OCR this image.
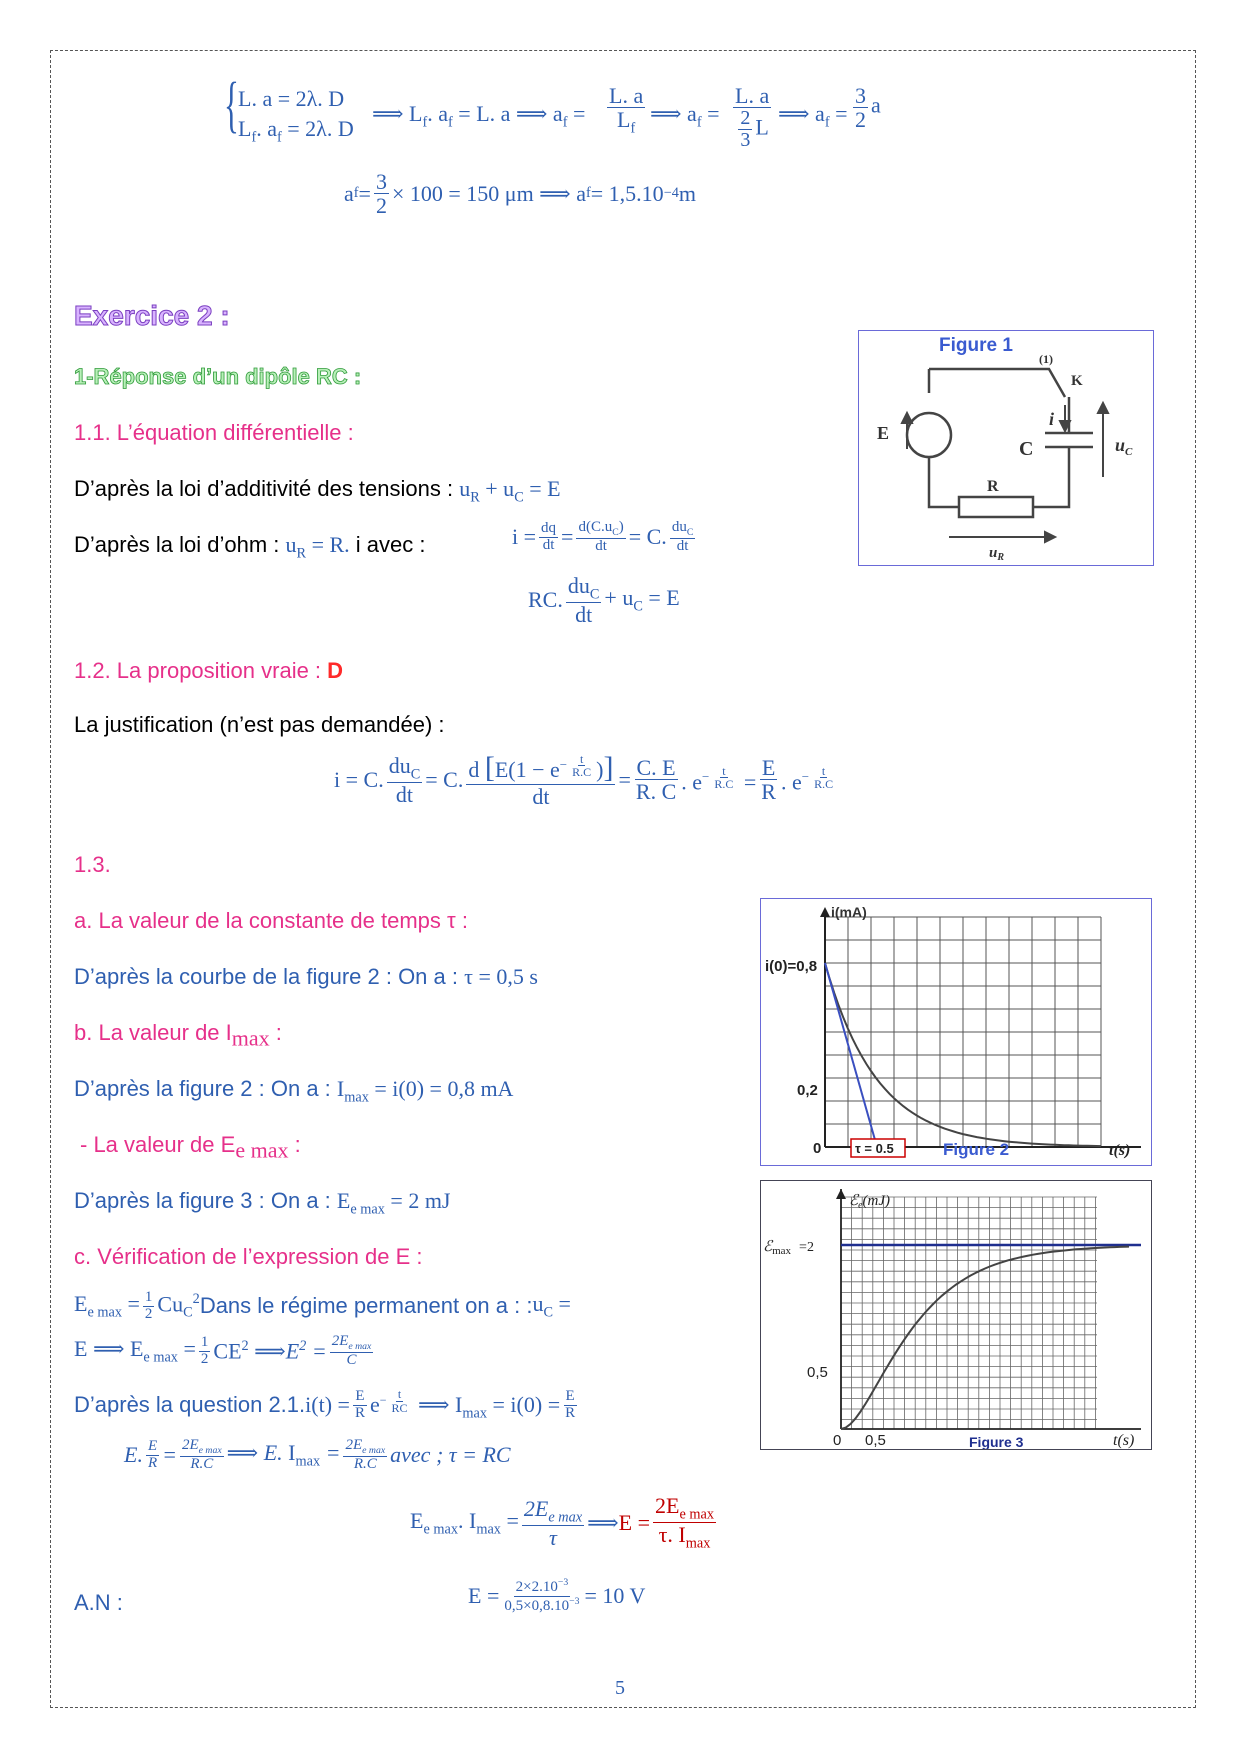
{ L. a = 2λ. D
$L_f$. $a_f = 2\lambda$. D
⟹ $L_f$. $a_f = L$. a ⟹ $a_f = \frac{L. a}{L_f}$ ⟹ $a_f = \frac{L. a}{\frac{2}{3} L}$ ⟹ $a_f = \frac{3}{2}$ a
a $f = \frac{3}{2} \times 100 = 150$ μm ⟹ a f = 1,5.10 −4 m
Exercice 2 :
1-Réponse d’un dipôle RC :
1.1. L’équation différentielle :
D’après la loi d’additivité des tensions : $u_R + u_C = E$
D’après la loi d’ohm : $u_R = R$. i avec :	$i = \frac{dq}{dt} = \frac{d(C.u_C)}{dt} = C$. $\frac{du_C}{dt}$
RC. $\frac{du_C}{dt} + u_C = E$
1.2. La proposition vraie : D
La justification (n’est pas demandée) :
i = C. $\frac{du_C}{dt} = C$. d [$E(1 - e^{- \frac{t}{R.C}}$ )]
dt = $\frac{C. E}{R. C}$ . $e^{- \frac{t}{R.C}} = \frac{E}{R}$ . $e^{- \frac{t}{R.C}}$
1.3.
a. La valeur de la constante de temps τ :
D’après la courbe de la figure 2 : On a : τ = 0,5 s
b. La valeur de $I_{max}$ :
D’après la figure 2 : On a : $I_{max} = i(0) = 0,8$ mA
- La valeur de $E_{e max}$ :
D’après la figure 3 : On a : $E_{e max} = 2$ mJ
c. Vérification de l’expression de E :
$E_{e max} = \frac{1}{2} Cu_C^2$ Dans le régime permanent on a : : $u_C$ =
E ⟹ $E_{e max} = \frac{1}{2} CE^2$ ⟹ $E^2 = \frac{2E_{e max}}{C}$
D’après la question 2.1. $i(t) = \frac{E}{R} e^{- \frac{t}{RC}}$ ⟹ $I_{max} = i(0) = \frac{E}{R}$
E. $\frac{E}{R} = \frac{2E_{e max}}{R.C}$ ⟹ E. $I_{max} = \frac{2E_{e max}}{R.C}$ avec ; τ = RC
$E_{e max}$. $I_{max} = \frac{2E_{e max}}{\tau}$ ⟹ $E = \frac{2E_{e max}}{\tau. I_{max}}$
A.N :	$E = \frac{2\times 2.10^{-3}}{0,5\times 0,8.10^{-3}} = 10$ V
5
Figure 1
(1)
K
i
C
R
E
$u_C$
$u_R$
i(mA)
i(0)=0,8
0,2
0	τ = 0.5	Figure 2	t(s)
ℰ$_e$(mJ)
ℰ$_{max}$ =2
0,5
0 0,5	Figure 3	t(s)
